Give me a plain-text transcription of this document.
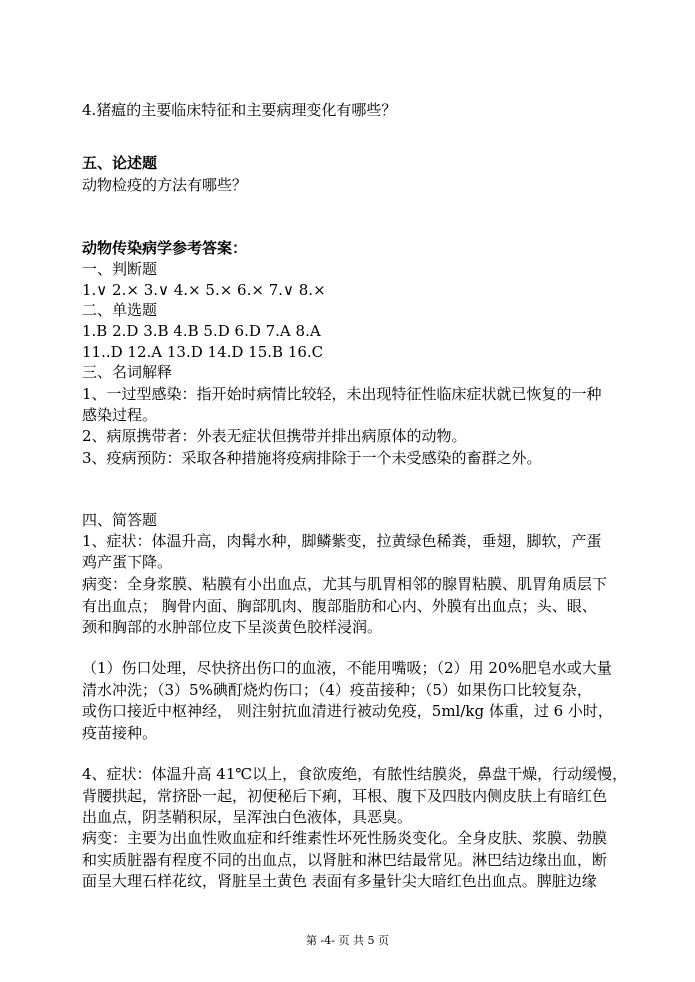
4.猪瘟的主要临床特征和主要病理变化有哪些？
五、论述题
动物检疫的方法有哪些？
动物传染病学参考答案：
一、判断题
1.∨ 2.× 3.∨ 4.× 5.× 6.× 7.∨ 8.×
二、单选题
1.B 2.D 3.B 4.B 5.D 6.D 7.A 8.A
11..D 12.A 13.D 14.D 15.B 16.C
三、名词解释
1、一过型感染：指开始时病情比较轻，未出现特征性临床症状就已恢复的一种
感染过程。
2、病原携带者：外表无症状但携带并排出病原体的动物。
3、疫病预防：采取各种措施将疫病排除于一个未受感染的畜群之外。
四、简答题
1、症状：体温升高，肉髯水种，脚鳞紫变，拉黄绿色稀粪，垂翅，脚软，产蛋
鸡产蛋下降。
病变：全身浆膜、粘膜有小出血点，尤其与肌胃相邻的腺胃粘膜、肌胃角质层下
有出血点； 胸骨内面、胸部肌肉、腹部脂肪和心内、外膜有出血点；头、眼、
颈和胸部的水肿部位皮下呈淡黄色胶样浸润。
（1）伤口处理，尽快挤出伤口的血液，不能用嘴吸；（2）用 20%肥皂水或大量
清水冲洗；（3）5%碘酊烧灼伤口；（4）疫苗接种；（5）如果伤口比较复杂，
或伤口接近中枢神经， 则注射抗血清进行被动免疫，5ml/kg 体重，过 6 小时，
疫苗接种。
4、症状：体温升高 41℃以上，食欲废绝，有脓性结膜炎，鼻盘干燥，行动缓慢，
背腰拱起，常挤卧一起，初便秘后下痢，耳根、腹下及四肢内侧皮肤上有暗红色
出血点，阴茎鞘积尿，呈浑浊白色液体，具恶臭。
病变：主要为出血性败血症和纤维素性坏死性肠炎变化。全身皮肤、浆膜、勃膜
和实质脏器有程度不同的出血点，以肾脏和淋巴结最常见。淋巴结边缘出血，断
面呈大理石样花纹，肾脏呈土黄色 表面有多量针尖大暗红色出血点。脾脏边缘
第 -4- 页 共 5 页
